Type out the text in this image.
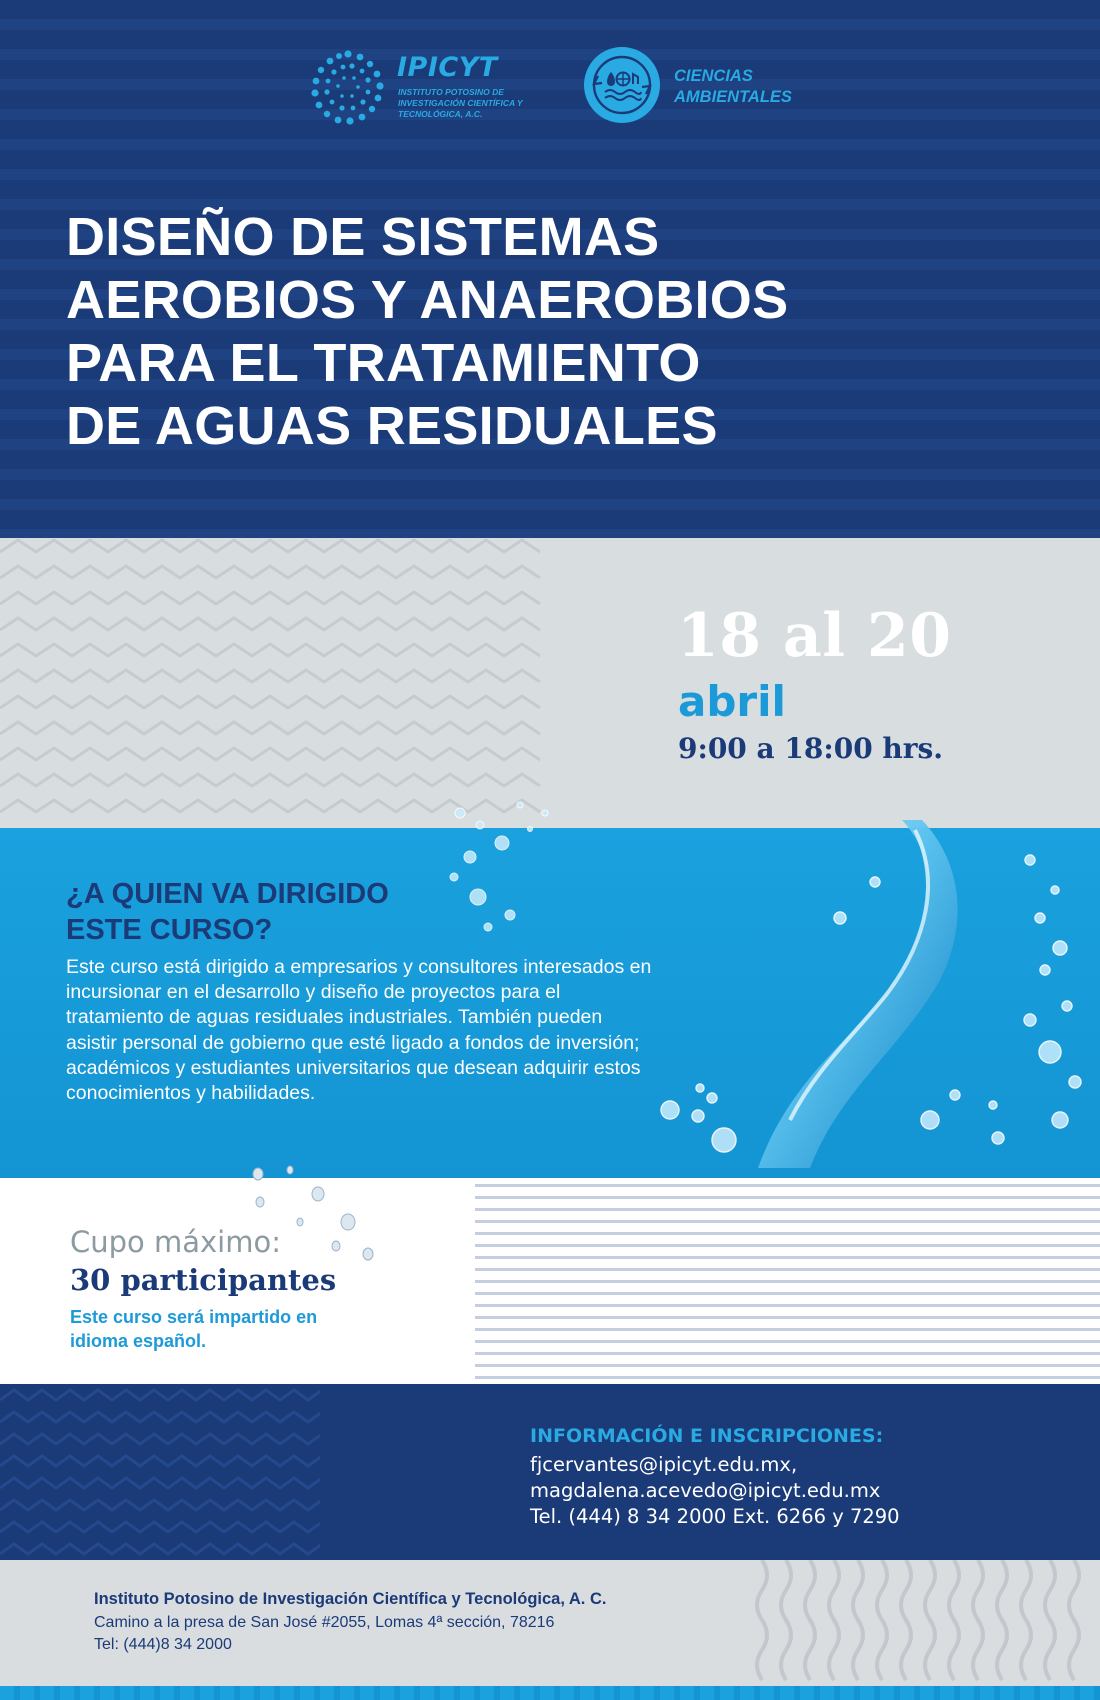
IPICYT

INSTITUTO POTOSINO DE INVESTIGACIÓN CIENTÍFICA Y TECNOLÓGICA, A.C.

CIENCIAS AMBIENTALES

DISEÑO DE SISTEMAS
AEROBIOS Y ANAEROBIOS
PARA EL TRATAMIENTO
DE AGUAS RESIDUALES

18 al 20

abril

9:00 a 18:00 hrs.

¿A QUIEN VA DIRIGIDO
ESTE CURSO?

Este curso está dirigido a empresarios y consultores interesados en incursionar en el desarrollo y diseño de proyectos para el tratamiento de aguas residuales industriales. También pueden asistir personal de gobierno que esté ligado a fondos de inversión; académicos y estudiantes universitarios que desean adquirir estos conocimientos y habilidades.

Cupo máximo:

30 participantes

Este curso será impartido en idioma español.

INFORMACIÓN E INSCRIPCIONES:

fjcervantes@ipicyt.edu.mx,

magdalena.acevedo@ipicyt.edu.mx

Tel. (444) 8 34 2000 Ext. 6266 y 7290

Instituto Potosino de Investigación Científica y Tecnológica, A. C.

Camino a la presa de San José #2055, Lomas 4ª sección, 78216

Tel: (444)8 34 2000
